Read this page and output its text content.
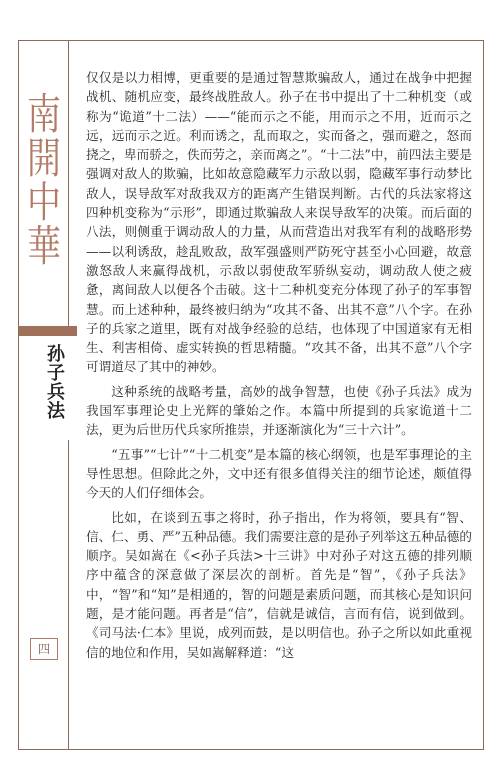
南
開
中
華
孙子兵法
四

仅仅是以力相博，更重要的是通过智慧欺骗敌人，通过在战争中把握战机、随机应变，最终战胜敌人。孙子在书中提出了十二种机变（或称为“诡道”十二法）——“能而示之不能，用而示之不用，近而示之远，远而示之近。利而诱之，乱而取之，实而备之，强而避之，怒而挠之，卑而骄之，佚而劳之，亲而离之”。“十二法”中，前四法主要是强调对敌人的欺骗，比如故意隐藏军力示敌以弱，隐藏军事行动梦比敌人，误导敌军对敌我双方的距离产生错误判断。古代的兵法家将这四种机变称为“示形”，即通过欺骗敌人来误导敌军的决策。而后面的八法，则侧重于调动敌人的力量，从而营造出对我军有利的战略形势——以利诱敌，趁乱败敌，敌军强盛则严防死守甚至小心回避，故意激怒敌人来赢得战机，示敌以弱使敌军骄纵妄动，调动敌人使之疲惫，离间敌人以便各个击破。这十二种机变充分体现了孙子的军事智慧。而上述种种，最终被归纳为“攻其不备、出其不意”八个字。在孙子的兵家之道里，既有对战争经验的总结，也体现了中国道家有无相生、利害相倚、虚实转换的哲思精髓。“攻其不备，出其不意”八个字可谓道尽了其中的神妙。

这种系统的战略考量，高妙的战争智慧，也使《孙子兵法》成为我国军事理论史上光辉的肇始之作。本篇中所提到的兵家诡道十二法，更为后世历代兵家所推崇，并逐渐演化为“三十六计”。

“五事”“七计”“十二机变”是本篇的核心纲领，也是军事理论的主导性思想。但除此之外，文中还有很多值得关注的细节论述，颇值得今天的人们仔细体会。

比如，在谈到五事之将时，孙子指出，作为将领，要具有“智、信、仁、勇、严”五种品德。我们需要注意的是孙子列举这五种品德的顺序。吴如嵩在《<孙子兵法>十三讲》中对孙子对这五德的排列顺序中蕴含的深意做了深层次的剖析。首先是“智”，《孙子兵法》中，“智”和“知”是相通的，智的问题是素质问题，而其核心是知识问题，是才能问题。再者是“信”，信就是诚信，言而有信，说到做到。《司马法·仁本》里说，成列而鼓，是以明信也。孙子之所以如此重视信的地位和作用，吴如嵩解释道：“这
